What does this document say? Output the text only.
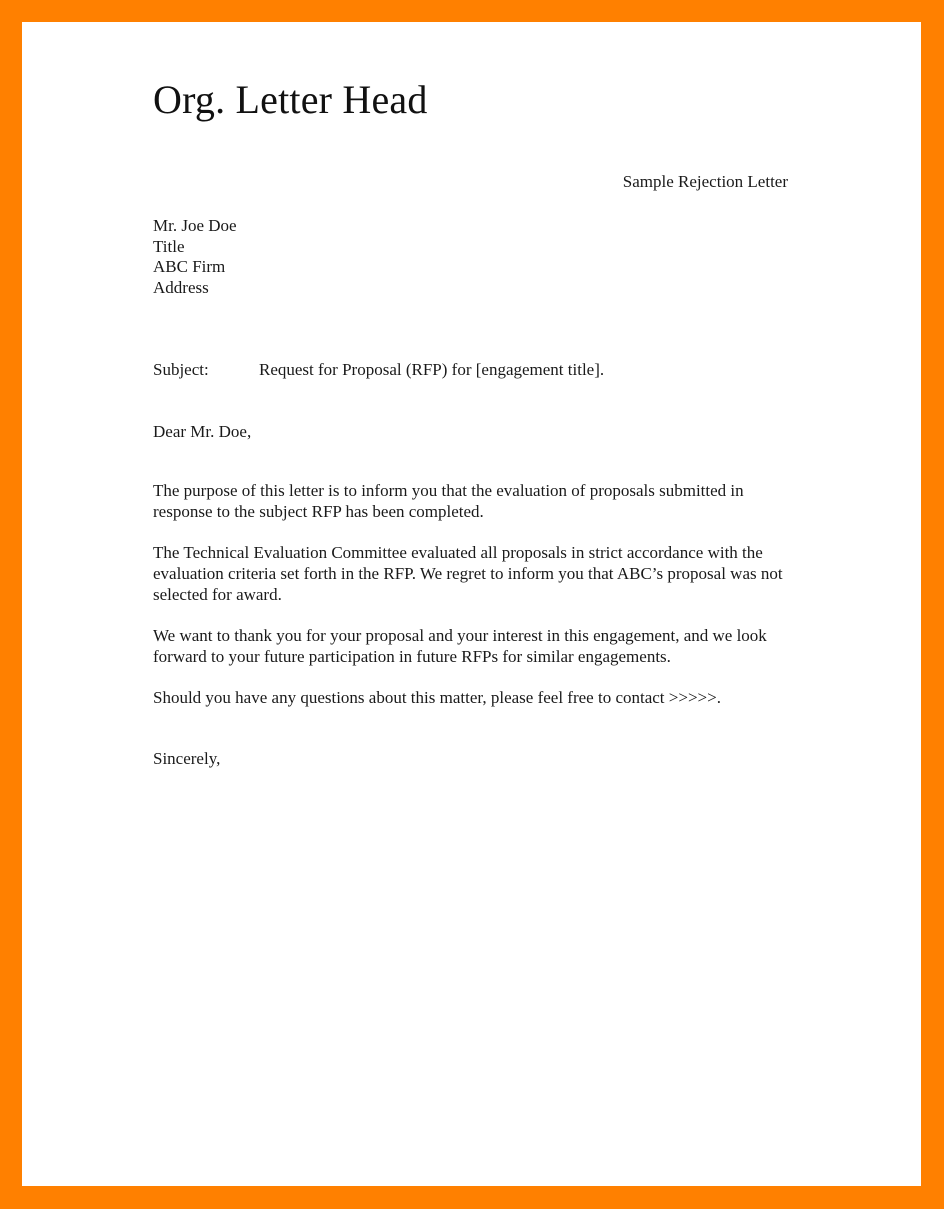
Org. Letter Head

Sample Rejection Letter

Mr. Joe Doe
Title
ABC Firm
Address

Subject:	Request for Proposal (RFP) for [engagement title].

Dear Mr. Doe,

The purpose of this letter is to inform you that the evaluation of proposals submitted in response to the subject RFP has been completed.

The Technical Evaluation Committee evaluated all proposals in strict accordance with the evaluation criteria set forth in the RFP. We regret to inform you that ABC’s proposal was not selected for award.

We want to thank you for your proposal and your interest in this engagement, and we look forward to your future participation in future RFPs for similar engagements.

Should you have any questions about this matter, please feel free to contact >>>>>.

Sincerely,
